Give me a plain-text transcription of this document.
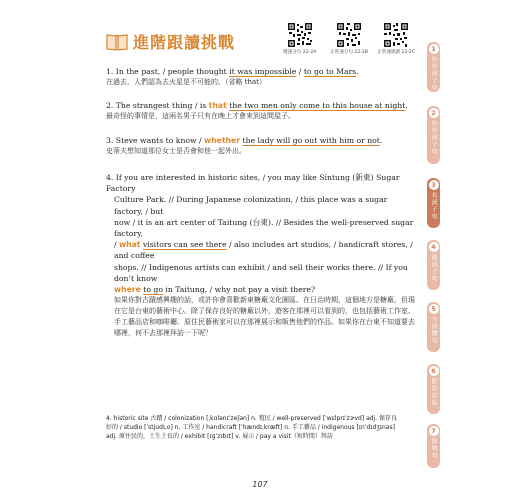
進階跟讀挑戰
慢速分句 22-2A	正常速分句 22-2B 正常速連讀 22-2C

1. In the past, / people thought it was impossible / to go to Mars.

在過去，人們認為去火星是不可能的。（省略 that）

2. The strangest thing / is that the two men only come to this house at night.

最奇怪的事情是，這兩名男子只有在晚上才會來到這間屋子。

3. Steve wants to know / whether the lady will go out with him or not.

史蒂夫想知道那位女士是否會和他一起外出。

4. If you are interested in historic sites, / you may like Sintung (新東) Sugar Factory
Culture Park. // During Japanese colonization, / this place was a sugar factory, / but
now / it is an art center of Taitung (台東). // Besides the well-preserved sugar factory,
/ what visitors can see there / also includes art studios, / handicraft stores, / and coffee
shops. // Indigenous artists can exhibit / and sell their works there. // If you don’t know
where to go in Taitung, / why not pay a visit there?

如果你對古蹟感興趣的話，或許你會喜歡新東糖廠文化園區。在日治時期，這個地方是糖廠，但現在它是台東的藝術中心。除了保存良好的糖廠以外，遊客在那裡可以看到的，也包括藝術工作室、手工藝品店和咖啡廳。原住民藝術家可以在那裡展示和販售他們的作品。如果你在台東不知道要去哪裡，何不去那裡拜訪一下呢？

1
形容詞子句
2
形容詞子句
3
名詞子句
4
副詞子句
5
分詞構句
6
假設語氣
7
倒裝句
4. historic site 古蹟 / colonization [ˌkɑlənɪˈzeʃən] n. 殖民 / well-preserved [ˈwɛlprɪˈzɝvd] adj. 保存良
好的 / studio [ˈstjudɪˌo] n. 工作室 / handicraft [ˈhændɪˌkræft] n. 手工藝品 / indigenous [ɪnˈdɪdʒɪnəs]
adj. 原住民的，土生土長的 / exhibit [ɪɡˈzɪbɪt] v. 展示 / pay a visit（短時間）拜訪
107
